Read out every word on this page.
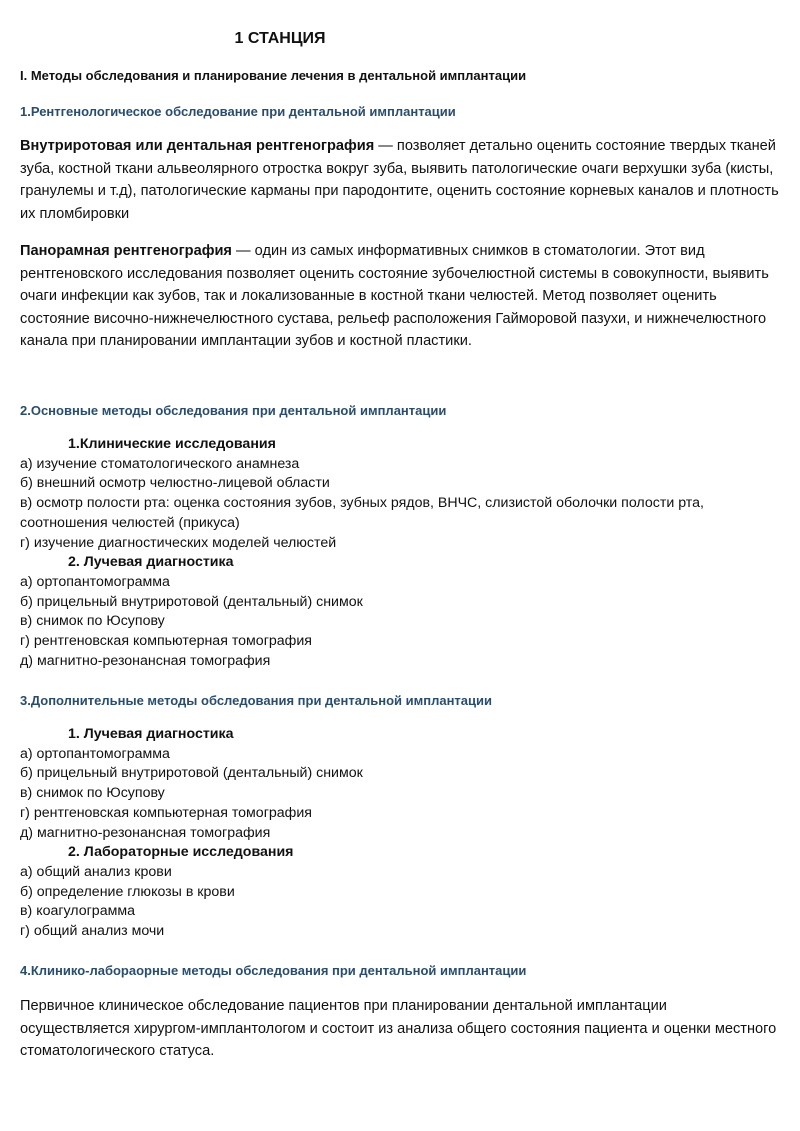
1 СТАНЦИЯ
I. Методы обследования и планирование лечения в дентальной имплантации
1.Рентгенологическое обследование при дентальной имплантации

Внутриротовая или дентальная рентгенография — позволяет детально оценить состояние твердых тканей зуба, костной ткани альвеолярного отростка вокруг зуба, выявить патологические очаги верхушки зуба (кисты, гранулемы и т.д), патологические карманы при пародонтите, оценить состояние корневых каналов и плотность их пломбировки

Панорамная рентгенография — один из самых информативных снимков в стоматологии. Этот вид рентгеновского исследования позволяет оценить состояние зубочелюстной системы в совокупности, выявить очаги инфекции как зубов, так и локализованные в костной ткани челюстей. Метод позволяет оценить состояние височно-нижнечелюстного сустава, рельеф расположения Гайморовой пазухи, и нижнечелюстного канала при планировании имплантации зубов и костной пластики.

2.Основные методы обследования при дентальной имплантации
1.Клинические исследования
а) изучение стоматологического анамнеза
б) внешний осмотр челюстно-лицевой области
в) осмотр полости рта: оценка состояния зубов, зубных рядов, ВНЧС, слизистой оболочки полости рта, соотношения челюстей (прикуса)
г) изучение диагностических моделей челюстей
2. Лучевая диагностика
а) ортопантомограмма
б) прицельный внутриротовой (дентальный) снимок
в) снимок по Юсупову
г) рентгеновская компьютерная томография
д) магнитно-резонансная томография
3.Дополнительные методы обследования при дентальной имплантации
1. Лучевая диагностика
а) ортопантомограмма
б) прицельный внутриротовой (дентальный) снимок
в) снимок по Юсупову
г) рентгеновская компьютерная томография
д) магнитно-резонансная томография
2. Лабораторные исследования
а) общий анализ крови
б) определение глюкозы в крови
в) коагулограмма
г) общий анализ мочи
4.Клинико-лабораорные методы обследования при дентальной имплантации

Первичное клиническое обследование пациентов при планировании дентальной имплантации осуществляется хирургом-имплантологом и состоит из анализа общего состояния пациента и оценки местного стоматологического статуса.
